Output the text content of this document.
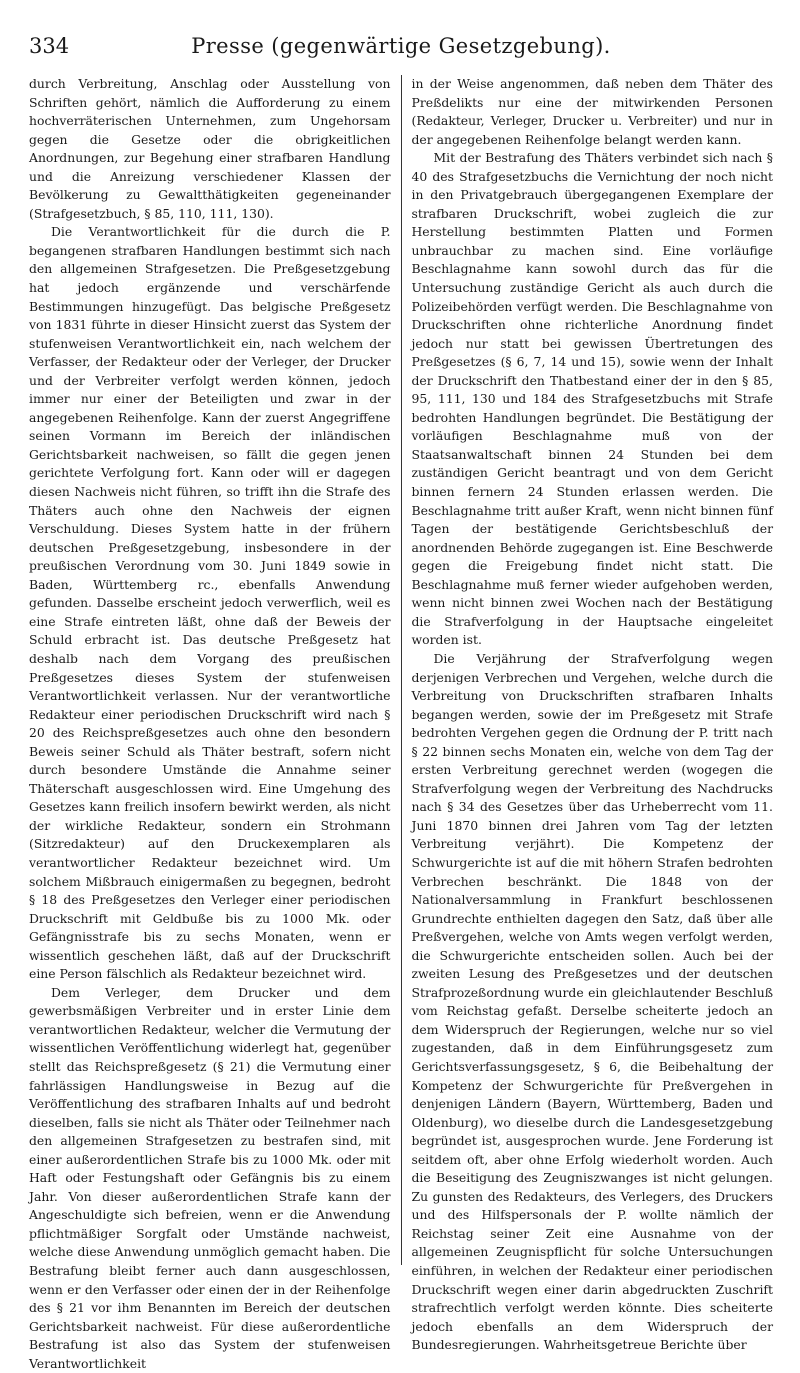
334	Presse (gegenwärtige Gesetzgebung).

durch Verbreitung, Anschlag oder Ausstellung von Schriften gehört, nämlich die Aufforderung zu einem hochverräterischen Unternehmen, zum Ungehorsam gegen die Gesetze oder die obrigkeitlichen Anordnungen, zur Begehung einer strafbaren Handlung und die Anreizung verschiedener Klassen der Bevölkerung zu Gewaltthätigkeiten gegeneinander (Strafgesetzbuch, § 85, 110, 111, 130).

Die Verantwortlichkeit für die durch die P. begangenen strafbaren Handlungen bestimmt sich nach den allgemeinen Strafgesetzen. Die Preßgesetzgebung hat jedoch ergänzende und verschärfende Bestimmungen hinzugefügt. Das belgische Preßgesetz von 1831 führte in dieser Hinsicht zuerst das System der stufenweisen Verantwortlichkeit ein, nach welchem der Verfasser, der Redakteur oder der Verleger, der Drucker und der Verbreiter verfolgt werden können, jedoch immer nur einer der Beteiligten und zwar in der angegebenen Reihenfolge. Kann der zuerst Angegriffene seinen Vormann im Bereich der inländischen Gerichtsbarkeit nachweisen, so fällt die gegen jenen gerichtete Verfolgung fort. Kann oder will er dagegen diesen Nachweis nicht führen, so trifft ihn die Strafe des Thäters auch ohne den Nachweis der eignen Verschuldung. Dieses System hatte in der frühern deutschen Preßgesetzgebung, insbesondere in der preußischen Verordnung vom 30. Juni 1849 sowie in Baden, Württemberg rc., ebenfalls Anwendung gefunden. Dasselbe erscheint jedoch verwerflich, weil es eine Strafe eintreten läßt, ohne daß der Beweis der Schuld erbracht ist. Das deutsche Preßgesetz hat deshalb nach dem Vorgang des preußischen Preßgesetzes dieses System der stufenweisen Verantwortlichkeit verlassen. Nur der verantwortliche Redakteur einer periodischen Druckschrift wird nach § 20 des Reichspreßgesetzes auch ohne den besondern Beweis seiner Schuld als Thäter bestraft, sofern nicht durch besondere Umstände die Annahme seiner Thäterschaft ausgeschlossen wird. Eine Umgehung des Gesetzes kann freilich insofern bewirkt werden, als nicht der wirkliche Redakteur, sondern ein Strohmann (Sitzredakteur) auf den Druckexemplaren als verantwortlicher Redakteur bezeichnet wird. Um solchem Mißbrauch einigermaßen zu begegnen, bedroht § 18 des Preßgesetzes den Verleger einer periodischen Druckschrift mit Geldbuße bis zu 1000 Mk. oder Gefängnisstrafe bis zu sechs Monaten, wenn er wissentlich geschehen läßt, daß auf der Druckschrift eine Person fälschlich als Redakteur bezeichnet wird.

Dem Verleger, dem Drucker und dem gewerbsmäßigen Verbreiter und in erster Linie dem verantwortlichen Redakteur, welcher die Vermutung der wissentlichen Veröffentlichung widerlegt hat, gegenüber stellt das Reichspreßgesetz (§ 21) die Vermutung einer fahrlässigen Handlungsweise in Bezug auf die Veröffentlichung des strafbaren Inhalts auf und bedroht dieselben, falls sie nicht als Thäter oder Teilnehmer nach den allgemeinen Strafgesetzen zu bestrafen sind, mit einer außerordentlichen Strafe bis zu 1000 Mk. oder mit Haft oder Festungshaft oder Gefängnis bis zu einem Jahr. Von dieser außerordentlichen Strafe kann der Angeschuldigte sich befreien, wenn er die Anwendung pflichtmäßiger Sorgfalt oder Umstände nachweist, welche diese Anwendung unmöglich gemacht haben. Die Bestrafung bleibt ferner auch dann ausgeschlossen, wenn er den Verfasser oder einen der in der Reihenfolge des § 21 vor ihm Benannten im Bereich der deutschen Gerichtsbarkeit nachweist. Für diese außerordentliche Bestrafung ist also das System der stufenweisen Verantwortlichkeit

in der Weise angenommen, daß neben dem Thäter des Preßdelikts nur eine der mitwirkenden Personen (Redakteur, Verleger, Drucker u. Verbreiter) und nur in der angegebenen Reihenfolge belangt werden kann.

Mit der Bestrafung des Thäters verbindet sich nach § 40 des Strafgesetzbuchs die Vernichtung der noch nicht in den Privatgebrauch übergegangenen Exemplare der strafbaren Druckschrift, wobei zugleich die zur Herstellung bestimmten Platten und Formen unbrauchbar zu machen sind. Eine vorläufige Beschlagnahme kann sowohl durch das für die Untersuchung zuständige Gericht als auch durch die Polizeibehörden verfügt werden. Die Beschlagnahme von Druckschriften ohne richterliche Anordnung findet jedoch nur statt bei gewissen Übertretungen des Preßgesetzes (§ 6, 7, 14 und 15), sowie wenn der Inhalt der Druckschrift den Thatbestand einer der in den § 85, 95, 111, 130 und 184 des Strafgesetzbuchs mit Strafe bedrohten Handlungen begründet. Die Bestätigung der vorläufigen Beschlagnahme muß von der Staatsanwaltschaft binnen 24 Stunden bei dem zuständigen Gericht beantragt und von dem Gericht binnen fernern 24 Stunden erlassen werden. Die Beschlagnahme tritt außer Kraft, wenn nicht binnen fünf Tagen der bestätigende Gerichtsbeschluß der anordnenden Behörde zugegangen ist. Eine Beschwerde gegen die Freigebung findet nicht statt. Die Beschlagnahme muß ferner wieder aufgehoben werden, wenn nicht binnen zwei Wochen nach der Bestätigung die Strafverfolgung in der Hauptsache eingeleitet worden ist.

Die Verjährung der Strafverfolgung wegen derjenigen Verbrechen und Vergehen, welche durch die Verbreitung von Druckschriften strafbaren Inhalts begangen werden, sowie der im Preßgesetz mit Strafe bedrohten Vergehen gegen die Ordnung der P. tritt nach § 22 binnen sechs Monaten ein, welche von dem Tag der ersten Verbreitung gerechnet werden (wogegen die Strafverfolgung wegen der Verbreitung des Nachdrucks nach § 34 des Gesetzes über das Urheberrecht vom 11. Juni 1870 binnen drei Jahren vom Tag der letzten Verbreitung verjährt). Die Kompetenz der Schwurgerichte ist auf die mit höhern Strafen bedrohten Verbrechen beschränkt. Die 1848 von der Nationalversammlung in Frankfurt beschlossenen Grundrechte enthielten dagegen den Satz, daß über alle Preßvergehen, welche von Amts wegen verfolgt werden, die Schwurgerichte entscheiden sollen. Auch bei der zweiten Lesung des Preßgesetzes und der deutschen Strafprozeßordnung wurde ein gleichlautender Beschluß vom Reichstag gefaßt. Derselbe scheiterte jedoch an dem Widerspruch der Regierungen, welche nur so viel zugestanden, daß in dem Einführungsgesetz zum Gerichtsverfassungsgesetz, § 6, die Beibehaltung der Kompetenz der Schwurgerichte für Preßvergehen in denjenigen Ländern (Bayern, Württemberg, Baden und Oldenburg), wo dieselbe durch die Landesgesetzgebung begründet ist, ausgesprochen wurde. Jene Forderung ist seitdem oft, aber ohne Erfolg wiederholt worden. Auch die Beseitigung des Zeugniszwanges ist nicht gelungen. Zu gunsten des Redakteurs, des Verlegers, des Druckers und des Hilfspersonals der P. wollte nämlich der Reichstag seiner Zeit eine Ausnahme von der allgemeinen Zeugnispflicht für solche Untersuchungen einführen, in welchen der Redakteur einer periodischen Druckschrift wegen einer darin abgedruckten Zuschrift strafrechtlich verfolgt werden könnte. Dies scheiterte jedoch ebenfalls an dem Widerspruch der Bundesregierungen. Wahrheitsgetreue Berichte über
